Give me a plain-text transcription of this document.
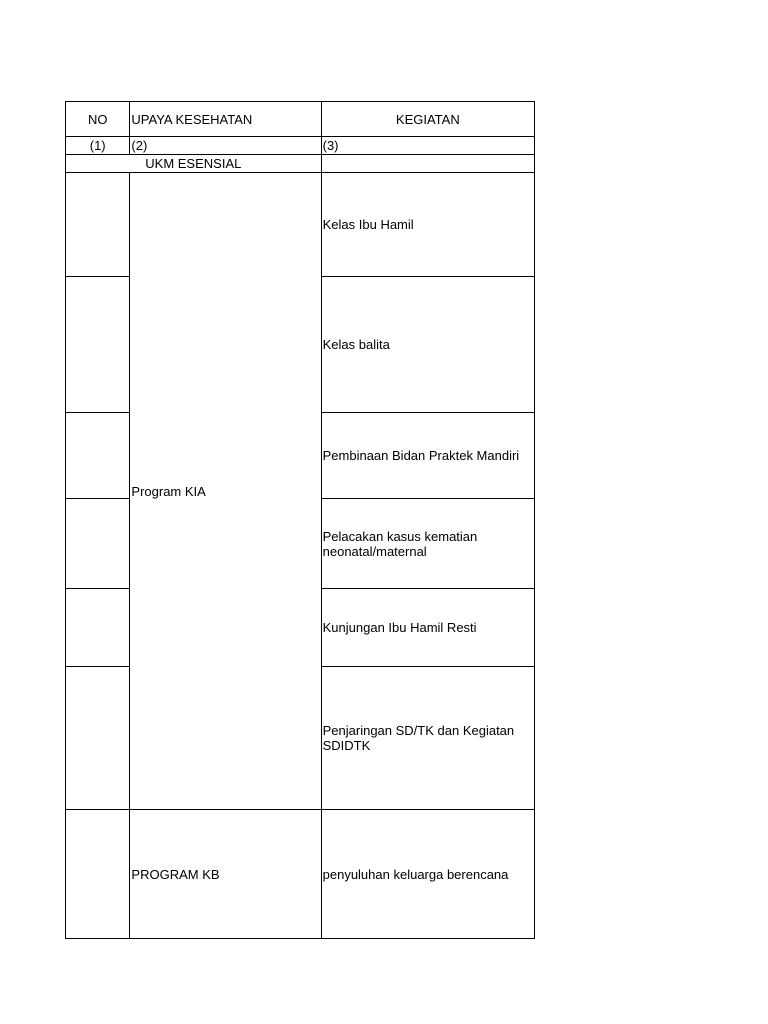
NO	UPAYA KESEHATAN	KEGIATAN
(1)	(2)	(3)
UKM ESENSIAL		
	Program KIA	Kelas Ibu Hamil
		Kelas balita
		Pembinaan Bidan Praktek Mandiri
		Pelacakan kasus kematian neonatal/maternal
		Kunjungan Ibu Hamil Resti
		Penjaringan SD/TK dan Kegiatan SDIDTK
	PROGRAM KB	penyuluhan keluarga berencana
